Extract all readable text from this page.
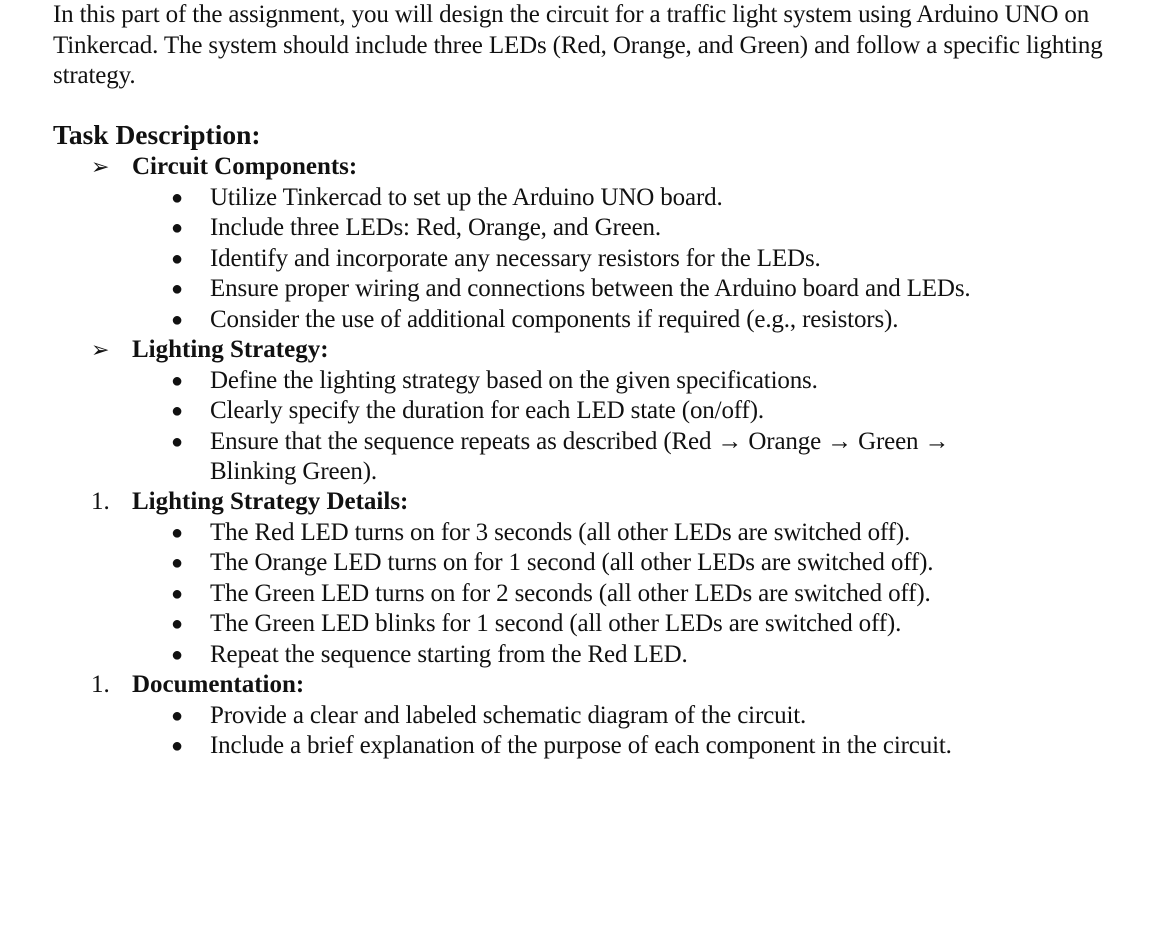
In this part of the assignment, you will design the circuit for a traffic light system using Arduino UNO on Tinkercad. The system should include three LEDs (Red, Orange, and Green) and follow a specific lighting strategy.

Task Description:
➢ Circuit Components:
● Utilize Tinkercad to set up the Arduino UNO board.
● Include three LEDs: Red, Orange, and Green.
● Identify and incorporate any necessary resistors for the LEDs.
● Ensure proper wiring and connections between the Arduino board and LEDs.
● Consider the use of additional components if required (e.g., resistors).
➢ Lighting Strategy:
● Define the lighting strategy based on the given specifications.
● Clearly specify the duration for each LED state (on/off).
● Ensure that the sequence repeats as described (Red → Orange → Green → Blinking Green).
1. Lighting Strategy Details:
● The Red LED turns on for 3 seconds (all other LEDs are switched off).
● The Orange LED turns on for 1 second (all other LEDs are switched off).
● The Green LED turns on for 2 seconds (all other LEDs are switched off).
● The Green LED blinks for 1 second (all other LEDs are switched off).
● Repeat the sequence starting from the Red LED.
1. Documentation:
● Provide a clear and labeled schematic diagram of the circuit.
● Include a brief explanation of the purpose of each component in the circuit.
